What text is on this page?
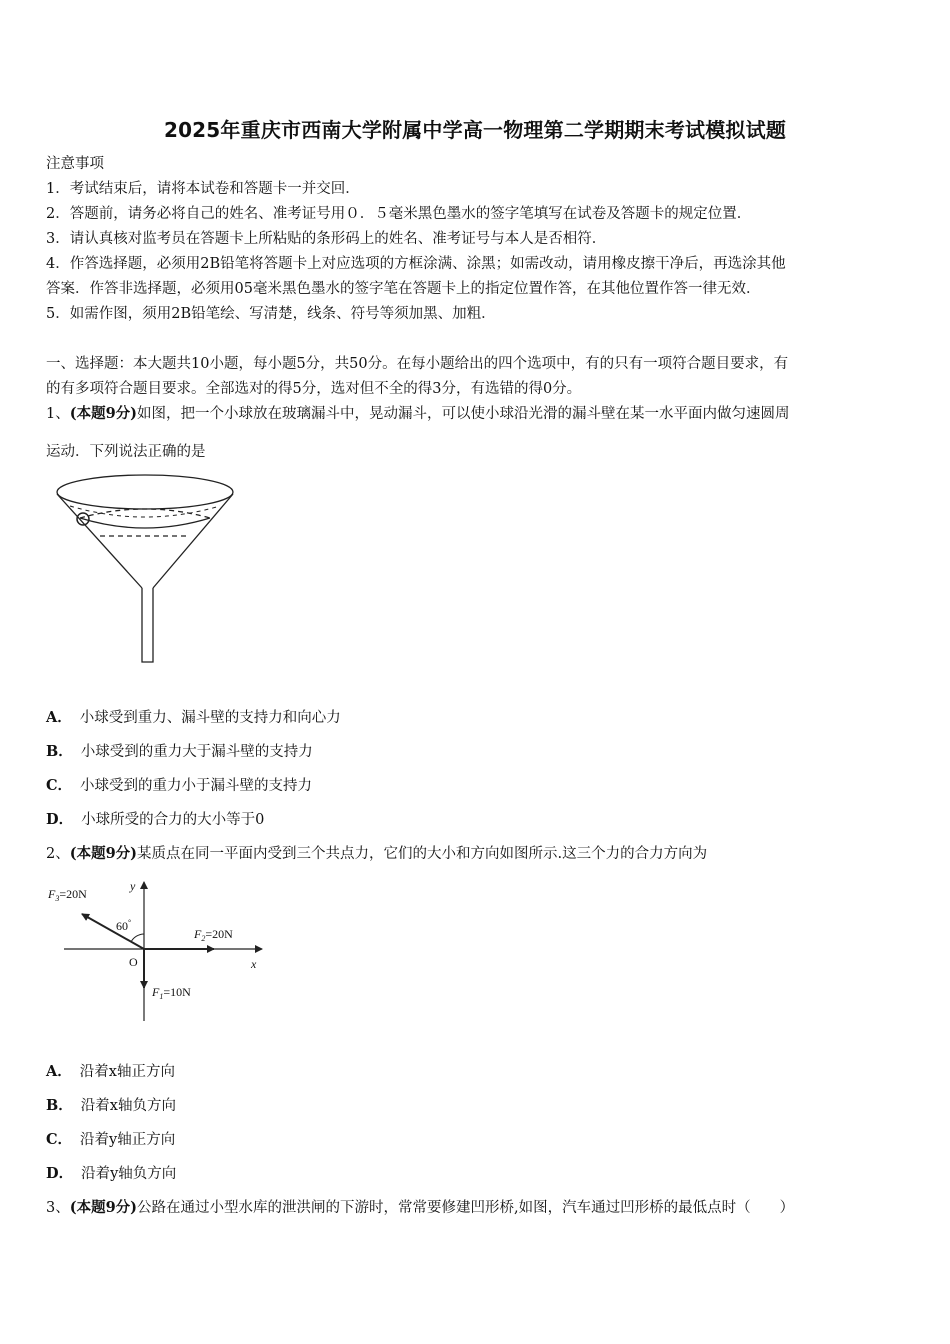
2025年重庆市西南大学附属中学高一物理第二学期期末考试模拟试题
注意事项
1．考试结束后，请将本试卷和答题卡一并交回．
2．答题前，请务必将自己的姓名、准考证号用０．５毫米黑色墨水的签字笔填写在试卷及答题卡的规定位置．
3．请认真核对监考员在答题卡上所粘贴的条形码上的姓名、准考证号与本人是否相符．
4．作答选择题，必须用2B铅笔将答题卡上对应选项的方框涂满、涂黑；如需改动，请用橡皮擦干净后，再选涂其他
答案．作答非选择题，必须用05毫米黑色墨水的签字笔在答题卡上的指定位置作答，在其他位置作答一律无效．
5．如需作图，须用2B铅笔绘、写清楚，线条、符号等须加黑、加粗．
一、选择题：本大题共10小题，每小题5分，共50分。在每小题给出的四个选项中，有的只有一项符合题目要求，有
的有多项符合题目要求。全部选对的得5分，选对但不全的得3分，有选错的得0分。
1、(本题9分)如图，把一个小球放在玻璃漏斗中，晃动漏斗，可以使小球沿光滑的漏斗壁在某一水平面内做匀速圆周
运动．下列说法正确的是
A． 小球受到重力、漏斗壁的支持力和向心力
B． 小球受到的重力大于漏斗壁的支持力
C． 小球受到的重力小于漏斗壁的支持力
D． 小球所受的合力的大小等于0
2、(本题9分)某质点在同一平面内受到三个共点力，它们的大小和方向如图所示.这三个力的合力方向为
$F_3=20N$
60°
$F_2=20N$
$F_1=10N$
O	x
y
A． 沿着x轴正方向
B． 沿着x轴负方向
C． 沿着y轴正方向
D． 沿着y轴负方向
3、(本题9分)公路在通过小型水库的泄洪闸的下游时，常常要修建凹形桥,如图，汽车通过凹形桥的最低点时（　　）
